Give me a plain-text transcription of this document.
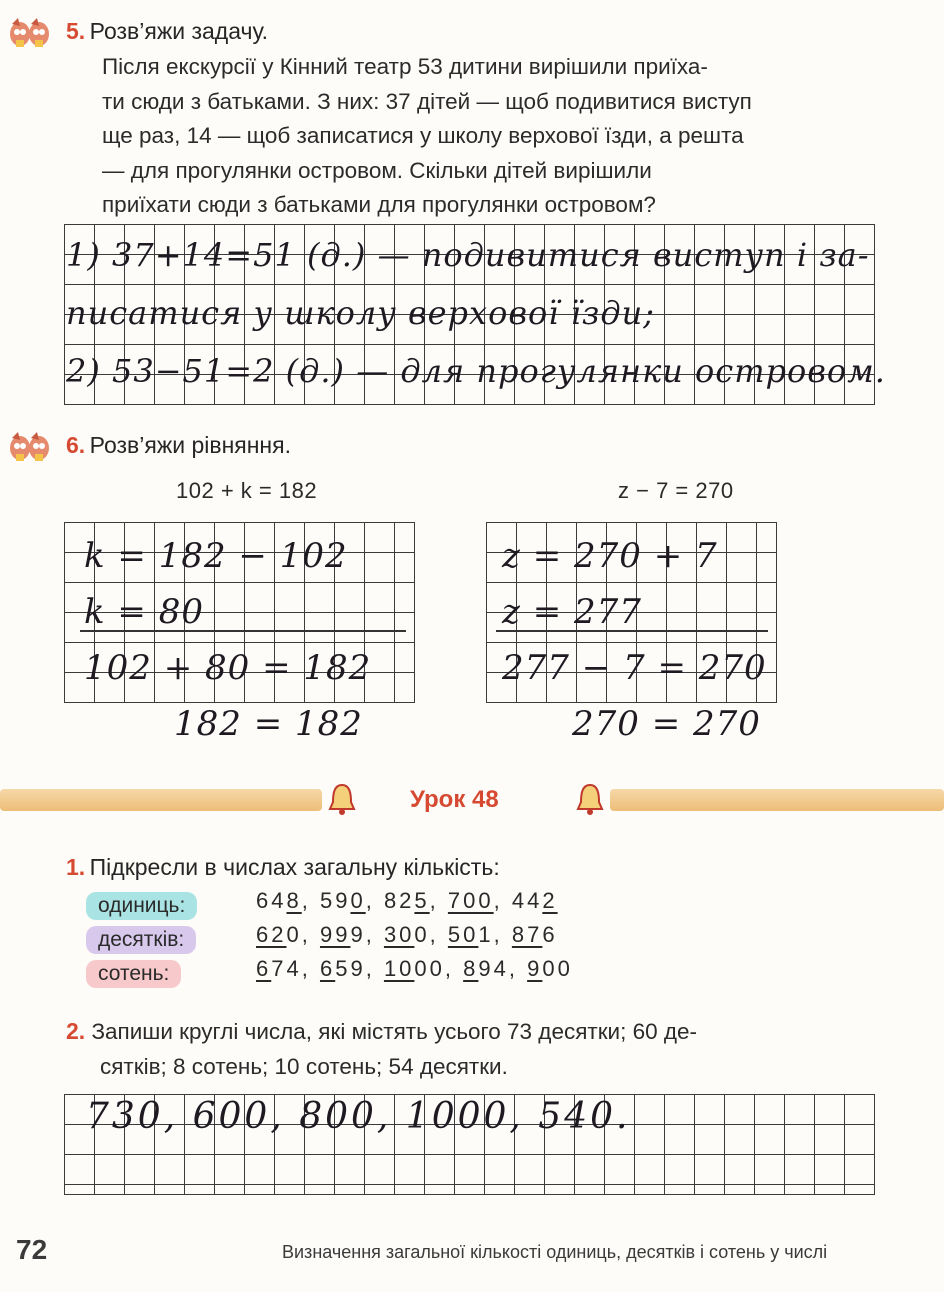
5. Розв’яжи задачу.
Після екскурсії у Кінний театр 53 дитини вирішили приїха-
ти сюди з батьками. З них: 37 дітей — щоб подивитися виступ
ще раз, 14 — щоб записатися у школу верхової їзди, а решта
— для прогулянки островом. Скільки дітей вирішили
приїхати сюди з батьками для прогулянки островом?
1) 37+14=51 (д.) — подивитися виступ і за-
писатися у школу верхової їзди;
2) 53−51=2 (д.) — для прогулянки островом.
6. Розв’яжи рівняння.
102 + k = 182	z − 7 = 270
k = 182 − 102
k = 80
102 + 80 = 182
182 = 182
z = 270 + 7
z = 277
277 − 7 = 270
270 = 270
Урок 48
1. Підкресли в числах загальну кількість:
одиниць:	648, 590, 825, 700, 442
десятків:	620, 999, 300, 501, 876
сотень:	674, 659, 1000, 894, 900
2. Запиши круглі числа, які містять усього 73 десятки; 60 де-
сятків; 8 сотень; 10 сотень; 54 десятки.
730, 600, 800, 1000, 540.
72	Визначення загальної кількості одиниць, десятків і сотень у числі
